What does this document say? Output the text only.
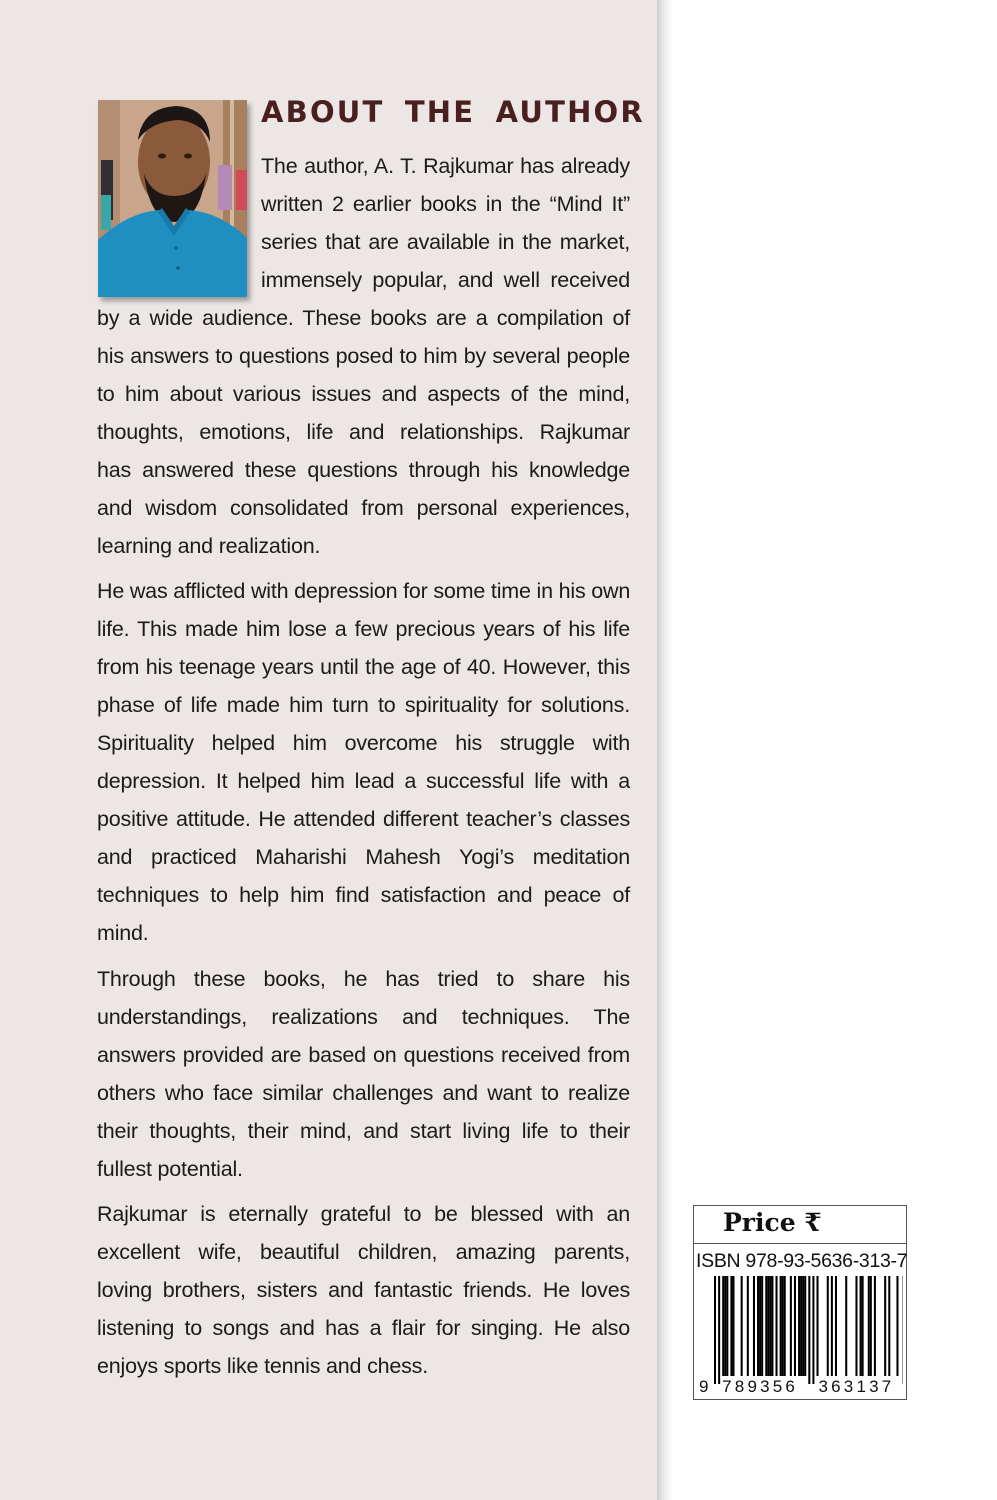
ABOUT THE AUTHOR
The author, A. T. Rajkumar has already
written 2 earlier books in the “Mind It”
series that are available in the market,
immensely popular, and well received
by a wide audience. These books are a compilation of
his answers to questions posed to him by several people
to him about various issues and aspects of the mind,
thoughts, emotions, life and relationships. Rajkumar
has answered these questions through his knowledge
and wisdom consolidated from personal experiences,
learning and realization.
He was afflicted with depression for some time in his own
life. This made him lose a few precious years of his life
from his teenage years until the age of 40. However, this
phase of life made him turn to spirituality for solutions.
Spirituality helped him overcome his struggle with
depression. It helped him lead a successful life with a
positive attitude. He attended different teacher’s classes
and practiced Maharishi Mahesh Yogi’s meditation
techniques to help him find satisfaction and peace of
mind.
Through these books, he has tried to share his
understandings, realizations and techniques. The
answers provided are based on questions received from
others who face similar challenges and want to realize
their thoughts, their mind, and start living life to their
fullest potential.
Rajkumar is eternally grateful to be blessed with an
excellent wife, beautiful children, amazing parents,
loving brothers, sisters and fantastic friends. He loves
listening to songs and has a flair for singing. He also
enjoys sports like tennis and chess.
Price ₹
ISBN 978-93-5636-313-7
9 789356 363137
